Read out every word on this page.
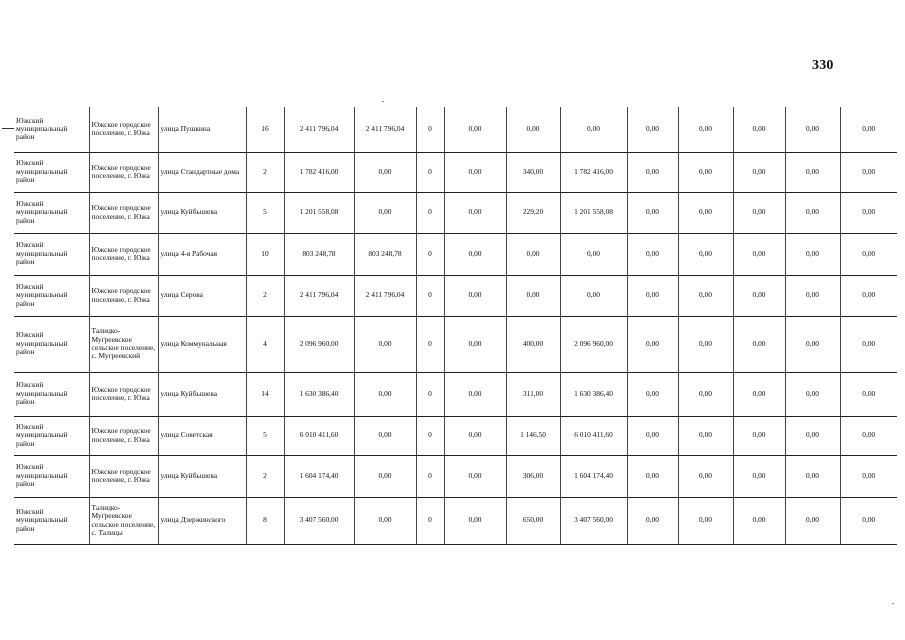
330
Южский муниципальный район	Южское городское поселение, г. Южа	улица Пушкина	16	2 411 796,04	2 411 796,04	0	0,00	0,00	0,00	0,00	0,00	0,00	0,00	0,00
Южский муниципальный район	Южское городское поселение, г. Южа	улица Стандартные дома	2	1 782 416,00	0,00	0	0,00	340,00	1 782 416,00	0,00	0,00	0,00	0,00	0,00
Южский муниципальный район	Южское городское поселение, г. Южа	улица Куйбышева	5	1 201 558,08	0,00	0	0,00	229,20	1 201 558,08	0,00	0,00	0,00	0,00	0,00
Южский муниципальный район	Южское городское поселение, г. Южа	улица 4-я Рабочая	10	803 248,78	803 248,78	0	0,00	0,00	0,00	0,00	0,00	0,00	0,00	0,00
Южский муниципальный район	Южское городское поселение, г. Южа	улица Серова	2	2 411 796,04	2 411 796,04	0	0,00	0,00	0,00	0,00	0,00	0,00	0,00	0,00
Южский муниципальный район	Талицко-Мугреевское сельское поселение, с. Мугреевский	улица Коммунальная	4	2 096 960,00	0,00	0	0,00	400,00	2 096 960,00	0,00	0,00	0,00	0,00	0,00
Южский муниципальный район	Южское городское поселение, г. Южа	улица Куйбышева	14	1 630 386,40	0,00	0	0,00	311,00	1 630 386,40	0,00	0,00	0,00	0,00	0,00
Южский муниципальный район	Южское городское поселение, г. Южа	улица Советская	5	6 010 411,60	0,00	0	0,00	1 146,50	6 010 411,60	0,00	0,00	0,00	0,00	0,00
Южский муниципальный район	Южское городское поселение, г. Южа	улица Куйбышева	2	1 604 174,40	0,00	0	0,00	306,00	1 604 174,40	0,00	0,00	0,00	0,00	0,00
Южский муниципальный район	Талицко-Мугреевское сельское поселение, с. Талицы	улица Дзержинского	8	3 407 560,00	0,00	0	0,00	650,00	3 407 560,00	0,00	0,00	0,00	0,00	0,00
